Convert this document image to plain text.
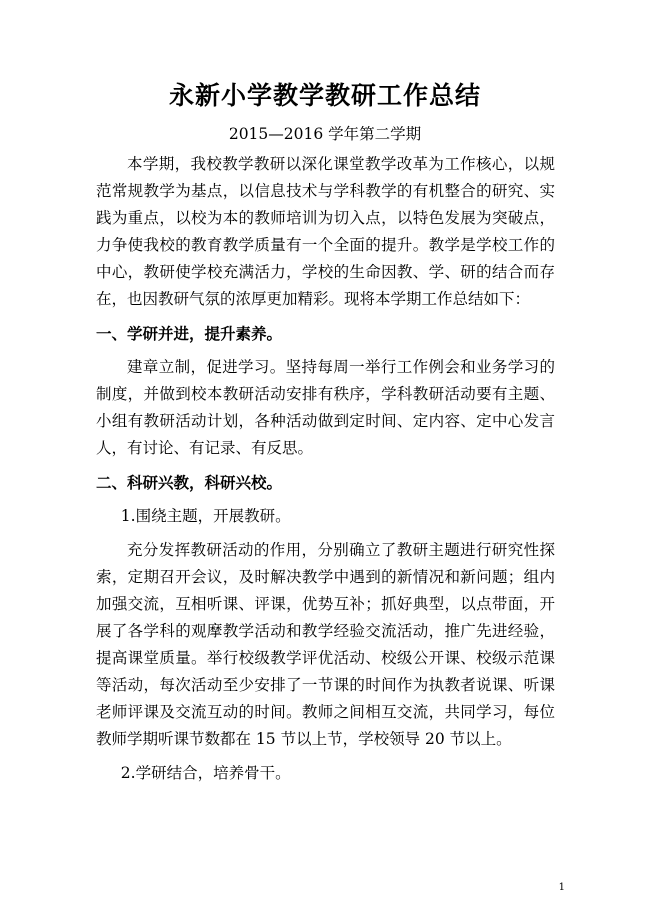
永新小学教学教研工作总结
2015—2016 学年第二学期

本学期，我校教学教研以深化课堂教学改革为工作核心，以规范常规教学为基点，以信息技术与学科教学的有机整合的研究、实践为重点，以校为本的教师培训为切入点，以特色发展为突破点，力争使我校的教育教学质量有一个全面的提升。教学是学校工作的中心，教研使学校充满活力，学校的生命因教、学、研的结合而存在，也因教研气氛的浓厚更加精彩。现将本学期工作总结如下：

一、学研并进，提升素养。

建章立制，促进学习。坚持每周一举行工作例会和业务学习的制度，并做到校本教研活动安排有秩序，学科教研活动要有主题、小组有教研活动计划，各种活动做到定时间、定内容、定中心发言人，有讨论、有记录、有反思。

二、科研兴教，科研兴校。

1.围绕主题，开展教研。

充分发挥教研活动的作用，分别确立了教研主题进行研究性探索，定期召开会议，及时解决教学中遇到的新情况和新问题；组内加强交流，互相听课、评课，优势互补；抓好典型，以点带面，开展了各学科的观摩教学活动和教学经验交流活动，推广先进经验，提高课堂质量。举行校级教学评优活动、校级公开课、校级示范课等活动，每次活动至少安排了一节课的时间作为执教者说课、听课老师评课及交流互动的时间。教师之间相互交流，共同学习，每位教师学期听课节数都在 15 节以上节，学校领导 20 节以上。

2.学研结合，培养骨干。

1
